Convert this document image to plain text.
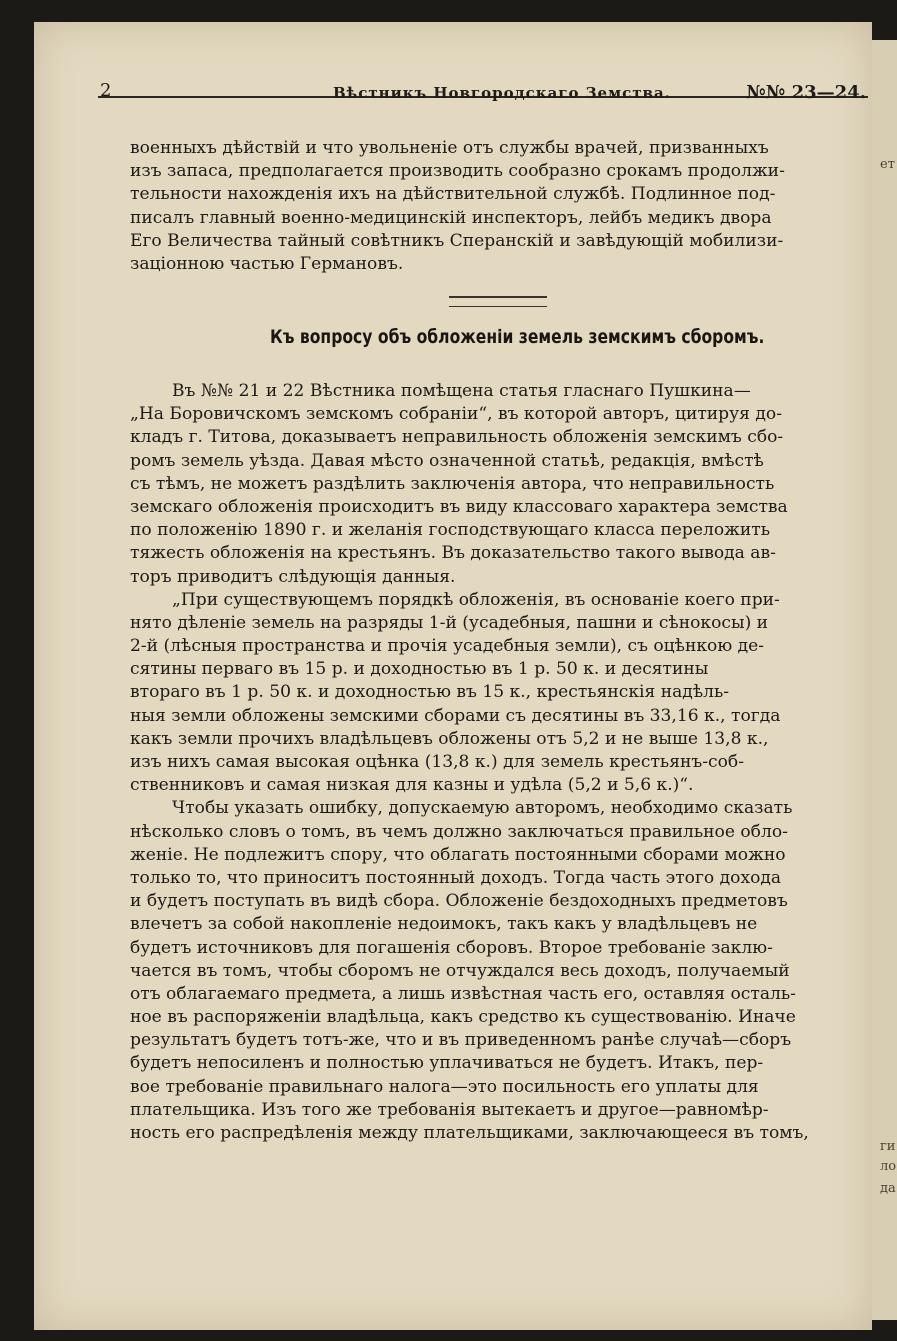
ет
ги
ло
да
2	Вѣстникъ Новгородскаго Земства.	№№ 23—24.
военныхъ дѣйствій и что увольненіе отъ службы врачей, призванныхъ
изъ запаса, предполагается производить сообразно срокамъ продолжи-
тельности нахожденія ихъ на дѣйствительной службѣ. Подлинное под-
писалъ главный военно-медицинскій инспекторъ, лейбъ медикъ двора
Его Величества тайный совѣтникъ Сперанскій и завѣдующій мобилизи-
заціонною частью Германовъ.
Къ вопросу объ обложеніи земель земскимъ сборомъ.
Въ №№ 21 и 22 Вѣстника помѣщена статья гласнаго Пушкина—
„На Боровичскомъ земскомъ собраніи“, въ которой авторъ, цитируя до-
кладъ г. Титова, доказываетъ неправильность обложенія земскимъ сбо-
ромъ земель уѣзда. Давая мѣсто означенной статьѣ, редакція, вмѣстѣ
съ тѣмъ, не можетъ раздѣлить заключенія автора, что неправильность
земскаго обложенія происходитъ въ виду классоваго характера земства
по положенію 1890 г. и желанія господствующаго класса переложить
тяжесть обложенія на крестьянъ. Въ доказательство такого вывода ав-
торъ приводитъ слѣдующія данныя.
„При существующемъ порядкѣ обложенія, въ основаніе коего при-
нято дѣленіе земель на разряды 1-й (усадебныя, пашни и сѣнокосы) и
2-й (лѣсныя пространства и прочія усадебныя земли), съ оцѣнкою де-
сятины перваго въ 15 р. и доходностью въ 1 р. 50 к. и десятины
втораго въ 1 р. 50 к. и доходностью въ 15 к., крестьянскія надѣль-
ныя земли обложены земскими сборами съ десятины въ 33,16 к., тогда
какъ земли прочихъ владѣльцевъ обложены отъ 5,2 и не выше 13,8 к.,
изъ нихъ самая высокая оцѣнка (13,8 к.) для земель крестьянъ-соб-
ственниковъ и самая низкая для казны и удѣла (5,2 и 5,6 к.)“.
Чтобы указать ошибку, допускаемую авторомъ, необходимо сказать
нѣсколько словъ о томъ, въ чемъ должно заключаться правильное обло-
женіе. Не подлежитъ спору, что облагать постоянными сборами можно
только то, что приноситъ постоянный доходъ. Тогда часть этого дохода
и будетъ поступать въ видѣ сбора. Обложеніе бездоходныхъ предметовъ
влечетъ за собой накопленіе недоимокъ, такъ какъ у владѣльцевъ не
будетъ источниковъ для погашенія сборовъ. Второе требованіе заклю-
чается въ томъ, чтобы сборомъ не отчуждался весь доходъ, получаемый
отъ облагаемаго предмета, а лишь извѣстная часть его, оставляя осталь-
ное въ распоряженіи владѣльца, какъ средство къ существованію. Иначе
результатъ будетъ тотъ-же, что и въ приведенномъ ранѣе случаѣ—сборъ
будетъ непосиленъ и полностью уплачиваться не будетъ. Итакъ, пер-
вое требованіе правильнаго налога—это посильность его уплаты для
плательщика. Изъ того же требованія вытекаетъ и другое—равномѣр-
ность его распредѣленія между плательщиками, заключающееся въ томъ,
